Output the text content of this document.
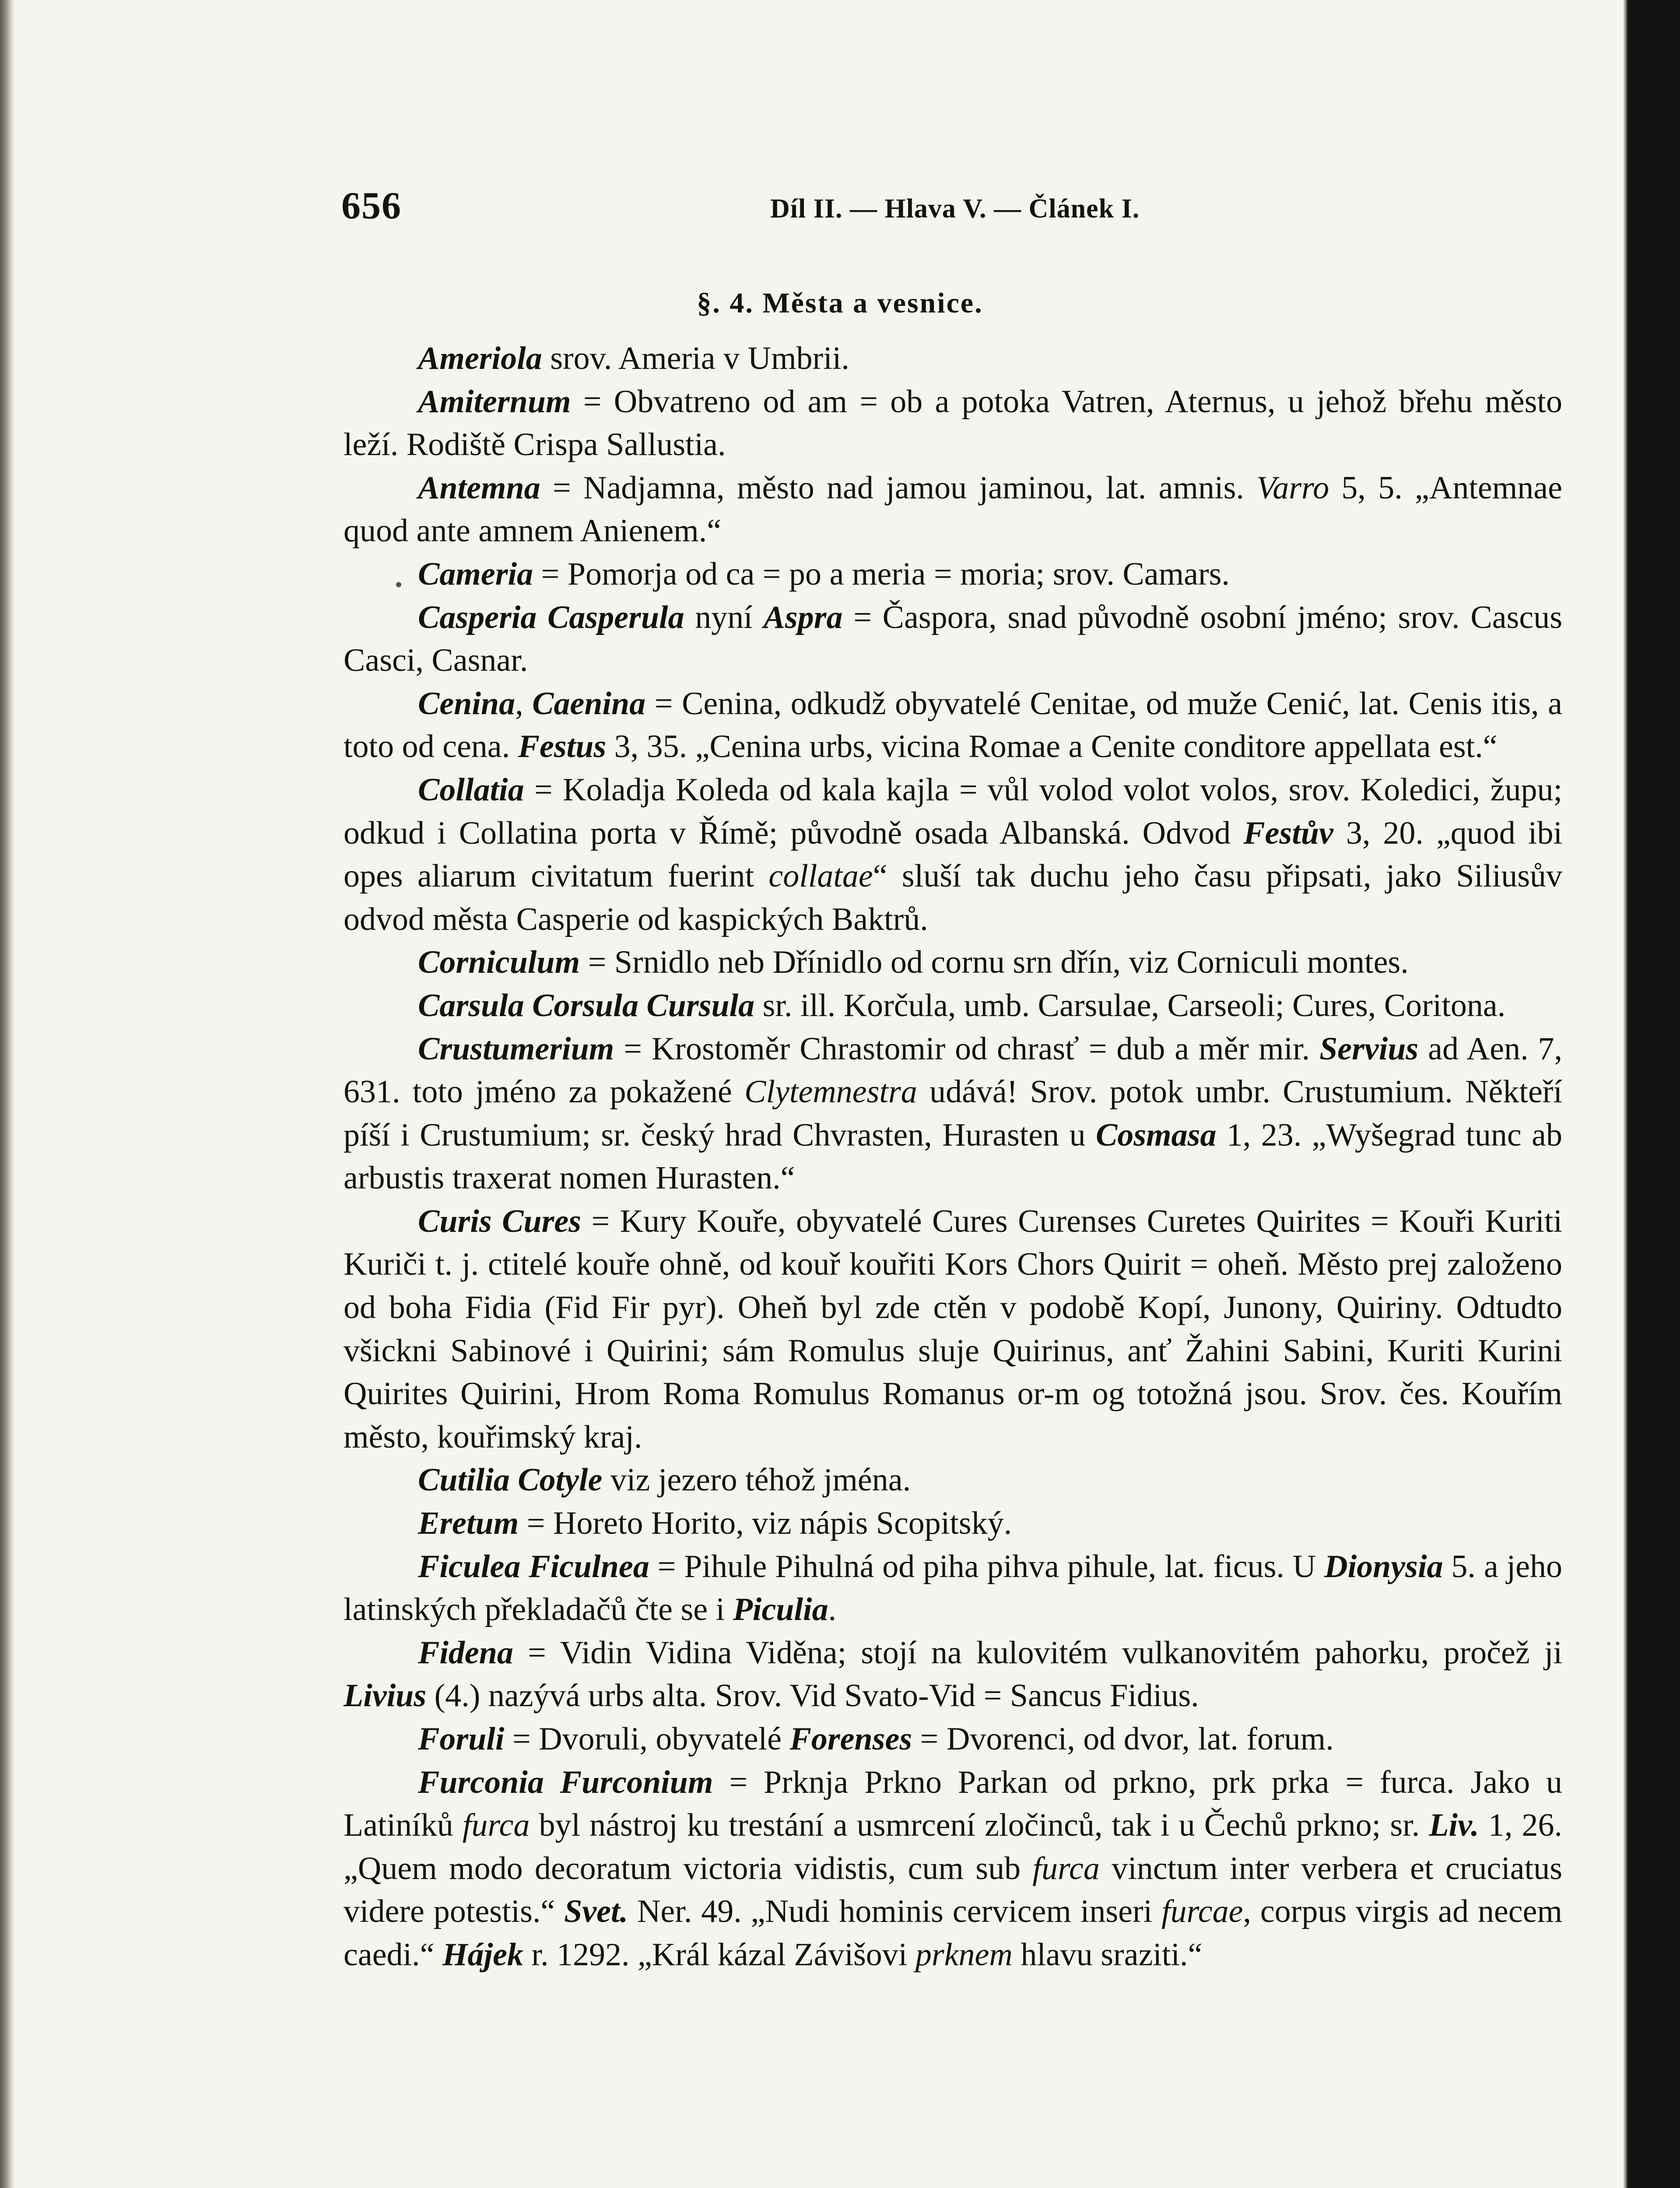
656	Díl II. — Hlava V. — Článek I.
§. 4. Města a vesnice.

Ameriola srov. Ameria v Umbrii.

Amiternum = Obvatreno od am = ob a potoka Vatren, Aternus, u jehož břehu město leží. Rodiště Crispa Sallustia.

Antemna = Nadjamna, město nad jamou jaminou, lat. amnis. Varro 5, 5. „Antemnae quod ante amnem Anienem.“

Cameria = Pomorja od ca = po a meria = moria; srov. Camars.

Casperia Casperula nyní Aspra = Časpora, snad původně osobní jméno; srov. Cascus Casci, Casnar.

Cenina, Caenina = Cenina, odkudž obyvatelé Cenitae, od muže Cenić, lat. Cenis itis, a toto od cena. Festus 3, 35. „Cenina urbs, vicina Romae a Cenite conditore appellata est.“

Collatia = Koladja Koleda od kala kajla = vůl volod volot volos, srov. Koledici, župu; odkud i Collatina porta v Římě; původně osada Albanská. Odvod Festův 3, 20. „quod ibi opes aliarum civitatum fuerint collatae“ sluší tak duchu jeho času připsati, jako Siliusův odvod města Casperie od kaspických Baktrů.

Corniculum = Srnidlo neb Dřínidlo od cornu srn dřín, viz Corniculi montes.

Carsula Corsula Cursula sr. ill. Korčula, umb. Carsulae, Carseoli; Cures, Coritona.

Crustumerium = Krostoměr Chrastomir od chrasť = dub a měr mir. Servius ad Aen. 7, 631. toto jméno za pokažené Clytemnestra udává! Srov. potok umbr. Crustumium. Někteří píší i Crustumium; sr. český hrad Chvrasten, Hurasten u Cosmasa 1, 23. „Wyšegrad tunc ab arbustis traxerat nomen Hurasten.“

Curis Cures = Kury Kouře, obyvatelé Cures Curenses Curetes Quirites = Kouři Kuriti Kuriči t. j. ctitelé kouře ohně, od kouř kouřiti Kors Chors Quirit = oheň. Město prej založeno od boha Fidia (Fid Fir pyr). Oheň byl zde ctěn v podobě Kopí, Junony, Quiriny. Odtudto všickni Sabinové i Quirini; sám Romulus sluje Quirinus, anť Žahini Sabini, Kuriti Kurini Quirites Quirini, Hrom Roma Romulus Romanus or-m og totožná jsou. Srov. čes. Kouřím město, kouřimský kraj.

Cutilia Cotyle viz jezero téhož jména.

Eretum = Horeto Horito, viz nápis Scopitský.

Ficulea Ficulnea = Pihule Pihulná od piha pihva pihule, lat. ficus. U Dionysia 5. a jeho latinských překladačů čte se i Piculia.

Fidena = Vidin Vidina Viděna; stojí na kulovitém vulkanovitém pahorku, pročež ji Livius (4.) nazývá urbs alta. Srov. Vid Svato-Vid = Sancus Fidius.

Foruli = Dvoruli, obyvatelé Forenses = Dvorenci, od dvor, lat. forum.

Furconia Furconium = Prknja Prkno Parkan od prkno, prk prka = furca. Jako u Latiníků furca byl nástroj ku trestání a usmrcení zločinců, tak i u Čechů prkno; sr. Liv. 1, 26. „Quem modo decoratum victoria vidistis, cum sub furca vinctum inter verbera et cruciatus videre potestis.“ Svet. Ner. 49. „Nudi hominis cervicem inseri furcae, corpus virgis ad necem caedi.“ Hájek r. 1292. „Král kázal Závišovi prknem hlavu sraziti.“
